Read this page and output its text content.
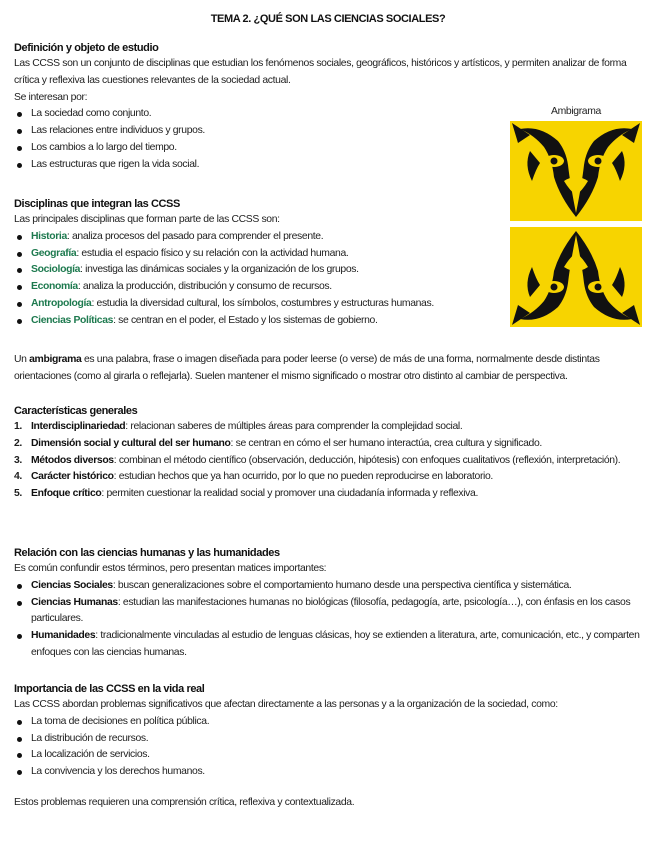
TEMA 2. ¿QUÉ SON LAS CIENCIAS SOCIALES?
Definición y objeto de estudio

Las CCSS son un conjunto de disciplinas que estudian los fenómenos sociales, geográficos, históricos y artísticos, y permiten analizar de forma crítica y reflexiva las cuestiones relevantes de la sociedad actual.

Se interesan por:

La sociedad como conjunto.
Las relaciones entre individuos y grupos.
Los cambios a lo largo del tiempo.
Las estructuras que rigen la vida social.
Ambigrama
Disciplinas que integran las CCSS

Las principales disciplinas que forman parte de las CCSS son:

Historia: analiza procesos del pasado para comprender el presente.
Geografía: estudia el espacio físico y su relación con la actividad humana.
Sociología: investiga las dinámicas sociales y la organización de los grupos.
Economía: analiza la producción, distribución y consumo de recursos.
Antropología: estudia la diversidad cultural, los símbolos, costumbres y estructuras humanas.
Ciencias Políticas: se centran en el poder, el Estado y los sistemas de gobierno.

Un ambigrama es una palabra, frase o imagen diseñada para poder leerse (o verse) de más de una forma, normalmente desde distintas orientaciones (como al girarla o reflejarla). Suelen mantener el mismo significado o mostrar otro distinto al cambiar de perspectiva.

Características generales
1. Interdisciplinariedad: relacionan saberes de múltiples áreas para comprender la complejidad social.
2. Dimensión social y cultural del ser humano: se centran en cómo el ser humano interactúa, crea cultura y significado.
3. Métodos diversos: combinan el método científico (observación, deducción, hipótesis) con enfoques cualitativos (reflexión, interpretación).
4. Carácter histórico: estudian hechos que ya han ocurrido, por lo que no pueden reproducirse en laboratorio.
5. Enfoque crítico: permiten cuestionar la realidad social y promover una ciudadanía informada y reflexiva.
Relación con las ciencias humanas y las humanidades

Es común confundir estos términos, pero presentan matices importantes:

Ciencias Sociales: buscan generalizaciones sobre el comportamiento humano desde una perspectiva científica y sistemática.
Ciencias Humanas: estudian las manifestaciones humanas no biológicas (filosofía, pedagogía, arte, psicología…), con énfasis en los casos particulares.
Humanidades: tradicionalmente vinculadas al estudio de lenguas clásicas, hoy se extienden a literatura, arte, comunicación, etc., y comparten enfoques con las ciencias humanas.
Importancia de las CCSS en la vida real

Las CCSS abordan problemas significativos que afectan directamente a las personas y a la organización de la sociedad, como:

La toma de decisiones en política pública.
La distribución de recursos.
La localización de servicios.
La convivencia y los derechos humanos.

Estos problemas requieren una comprensión crítica, reflexiva y contextualizada.
